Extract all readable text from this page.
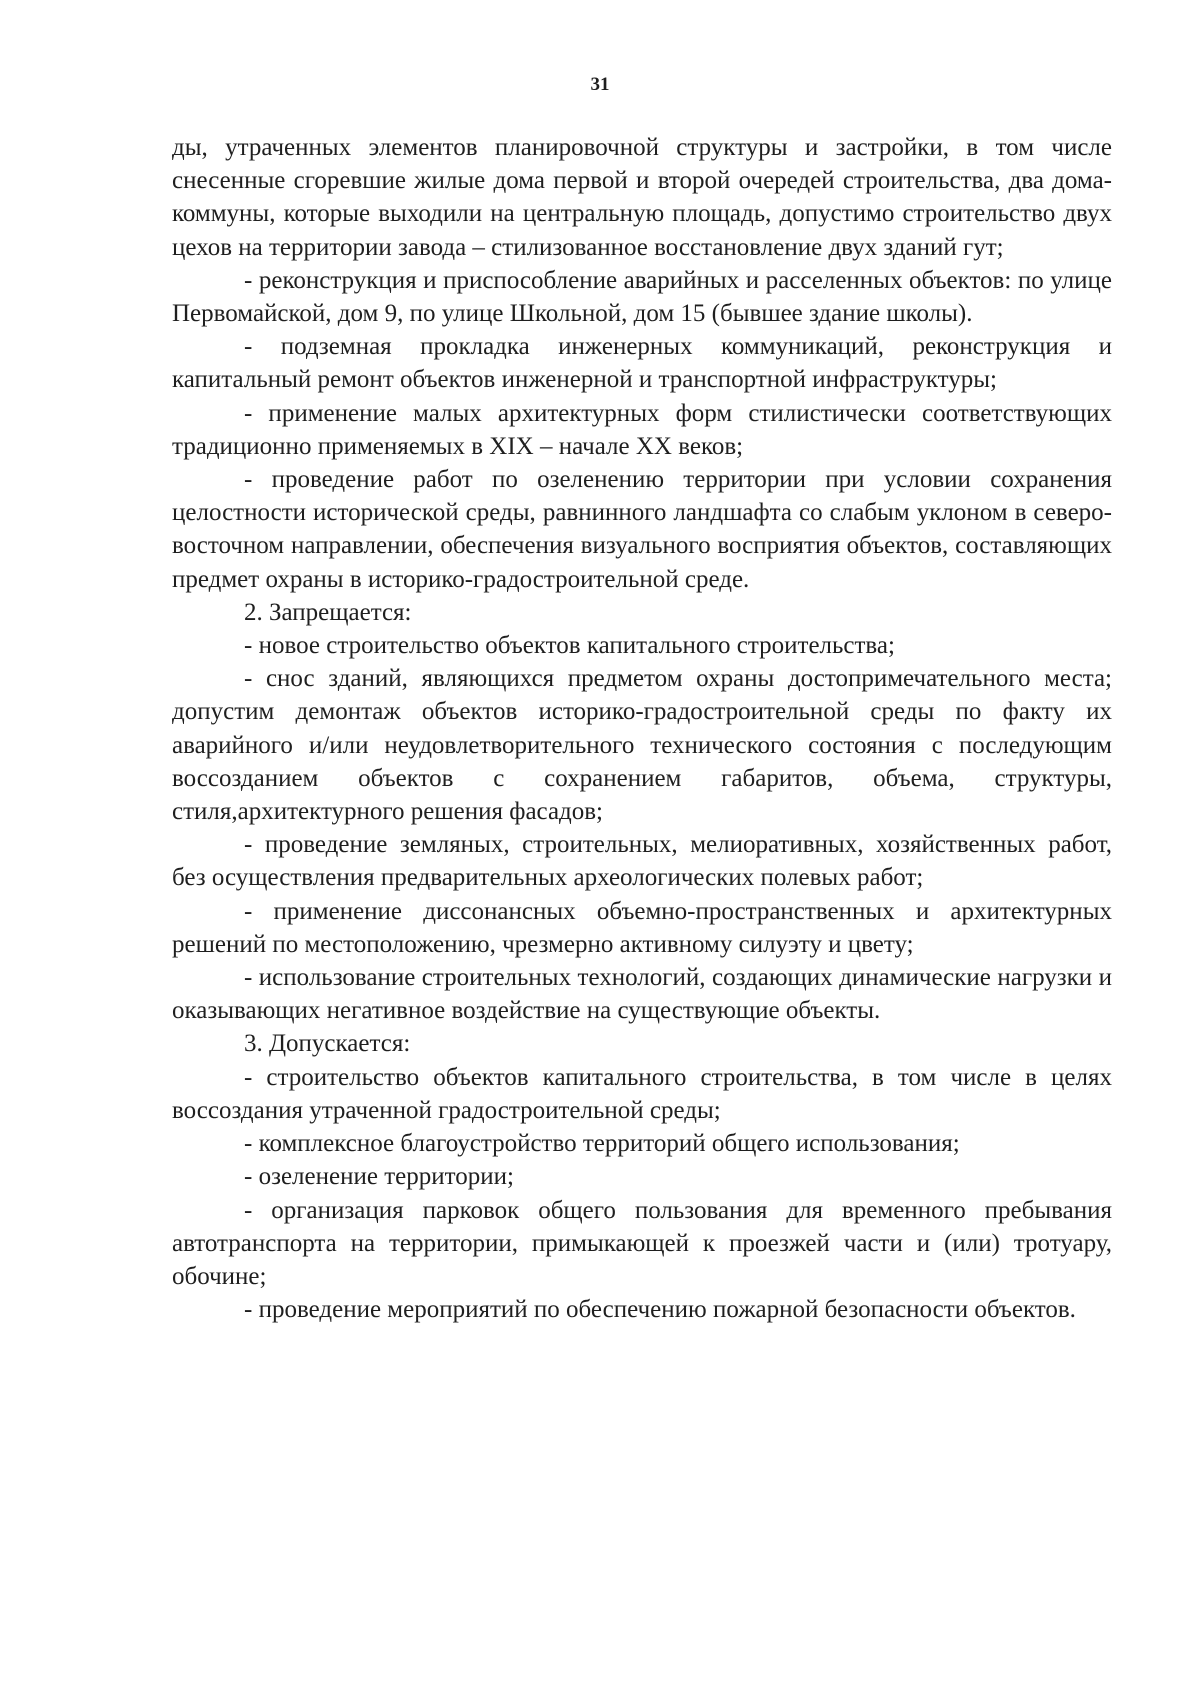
31

ды, утраченных элементов планировочной структуры и застройки, в том числе снесенные сгоревшие жилые дома первой и второй очередей строительства, два дома-коммуны, которые выходили на центральную площадь, допустимо строительство двух цехов на территории завода – стилизованное восстановление двух зданий гут;

- реконструкция и приспособление аварийных и расселенных объектов: по улице Первомайской, дом 9, по улице Школьной, дом 15 (бывшее здание школы).

- подземная прокладка инженерных коммуникаций, реконструкция и капитальный ремонт объектов инженерной и транспортной инфраструктуры;

- применение малых архитектурных форм стилистически соответствующих традиционно применяемых в XIX – начале XX веков;

- проведение работ по озеленению территории при условии сохранения целостности исторической среды, равнинного ландшафта со слабым уклоном в северо-восточном направлении, обеспечения визуального восприятия объектов, составляющих предмет охраны в историко-градостроительной среде.

2. Запрещается:

- новое строительство объектов капитального строительства;

- снос зданий, являющихся предметом охраны достопримечательного места; допустим демонтаж объектов историко-градостроительной среды по факту их аварийного и/или неудовлетворительного технического состояния с последующим воссозданием объектов с сохранением габаритов, объема, структуры, стиля,архитектурного решения фасадов;

- проведение земляных, строительных, мелиоративных, хозяйственных работ, без осуществления предварительных археологических полевых работ;

- применение диссонансных объемно-пространственных и архитектурных решений по местоположению, чрезмерно активному силуэту и цвету;

- использование строительных технологий, создающих динамические нагрузки и оказывающих негативное воздействие на существующие объекты.

3. Допускается:

- строительство объектов капитального строительства, в том числе в целях воссоздания утраченной градостроительной среды;

- комплексное благоустройство территорий общего использования;

- озеленение территории;

- организация парковок общего пользования для временного пребывания автотранспорта на территории, примыкающей к проезжей части и (или) тротуару, обочине;

- проведение мероприятий по обеспечению пожарной безопасности объектов.
